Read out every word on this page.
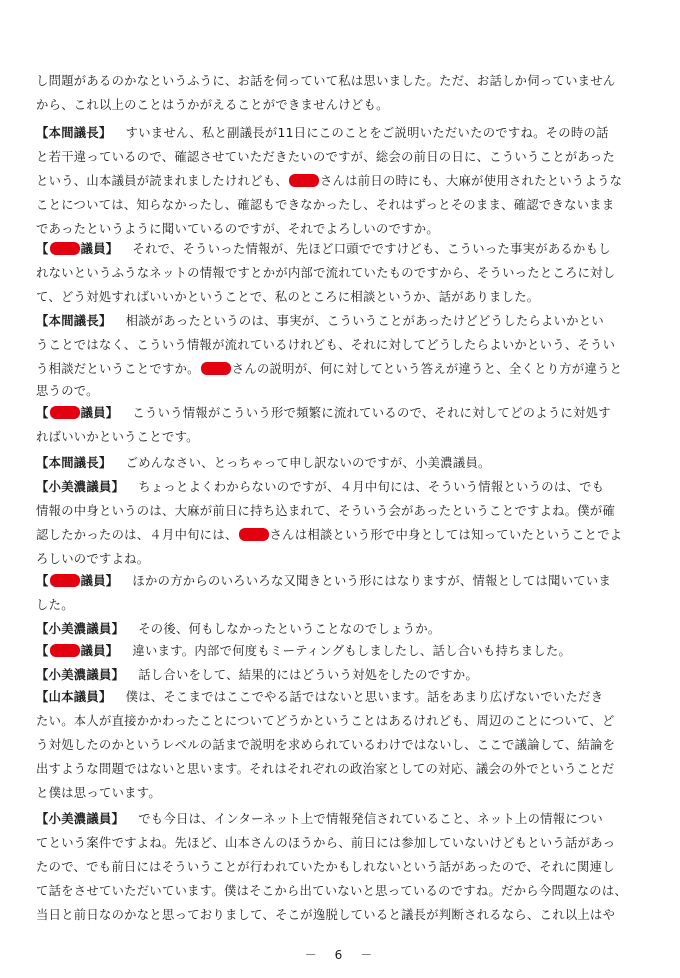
し問題があるのかなというふうに、お話を伺っていて私は思いました。ただ、お話しか伺っていません
から、これ以上のことはうかがえることができませんけども。
【本間議長】 すいません、私と副議長が11日にこのことをご説明いただいたのですね。その時の話
と若干違っているので、確認させていただきたいのですが、総会の前日の日に、こういうことがあった
という、山本議員が読まれましたけれども、	さんは前日の時にも、大麻が使用されたというような
ことについては、知らなかったし、確認もできなかったし、それはずっとそのまま、確認できないまま
であったというように聞いているのですが、それでよろしいのですか。
【	議員】 それで、そういった情報が、先ほど口頭でですけども、こういった事実があるかもし
れないというふうなネットの情報ですとかが内部で流れていたものですから、そういったところに対し
て、どう対処すればいいかということで、私のところに相談というか、話がありました。
【本間議長】 相談があったというのは、事実が、こういうことがあったけどどうしたらよいかとい
うことではなく、こういう情報が流れているけれども、それに対してどうしたらよいかという、そうい
う相談だということですか。	さんの説明が、何に対してという答えが違うと、全くとり方が違うと
思うので。
【	議員】 こういう情報がこういう形で頻繁に流れているので、それに対してどのように対処す
ればいいかということです。
【本間議長】 ごめんなさい、とっちゃって申し訳ないのですが、小美濃議員。
【小美濃議員】 ちょっとよくわからないのですが、４月中旬には、そういう情報というのは、でも
情報の中身というのは、大麻が前日に持ち込まれて、そういう会があったということですよね。僕が確
認したかったのは、４月中旬には、	さんは相談という形で中身としては知っていたということでよ
ろしいのですよね。
【	議員】 ほかの方からのいろいろな又聞きという形にはなりますが、情報としては聞いていま
した。
【小美濃議員】 その後、何もしなかったということなのでしょうか。
【	議員】 違います。内部で何度もミーティングもしましたし、話し合いも持ちました。
【小美濃議員】 話し合いをして、結果的にはどういう対処をしたのですか。
【山本議員】 僕は、そこまではここでやる話ではないと思います。話をあまり広げないでいただき
たい。本人が直接かかわったことについてどうかということはあるけれども、周辺のことについて、ど
う対処したのかというレベルの話まで説明を求められているわけではないし、ここで議論して、結論を
出すような問題ではないと思います。それはそれぞれの政治家としての対応、議会の外でということだ
と僕は思っています。
【小美濃議員】 でも今日は、インターネット上で情報発信されていること、ネット上の情報につい
てという案件ですよね。先ほど、山本さんのほうから、前日には参加していないけどもという話があっ
たので、でも前日にはそういうことが行われていたかもしれないという話があったので、それに関連し
て話をさせていただいています。僕はそこから出ていないと思っているのですね。だから今問題なのは、
当日と前日なのかなと思っておりまして、そこが逸脱していると議長が判断されるなら、これ以上はや
－　6　－
